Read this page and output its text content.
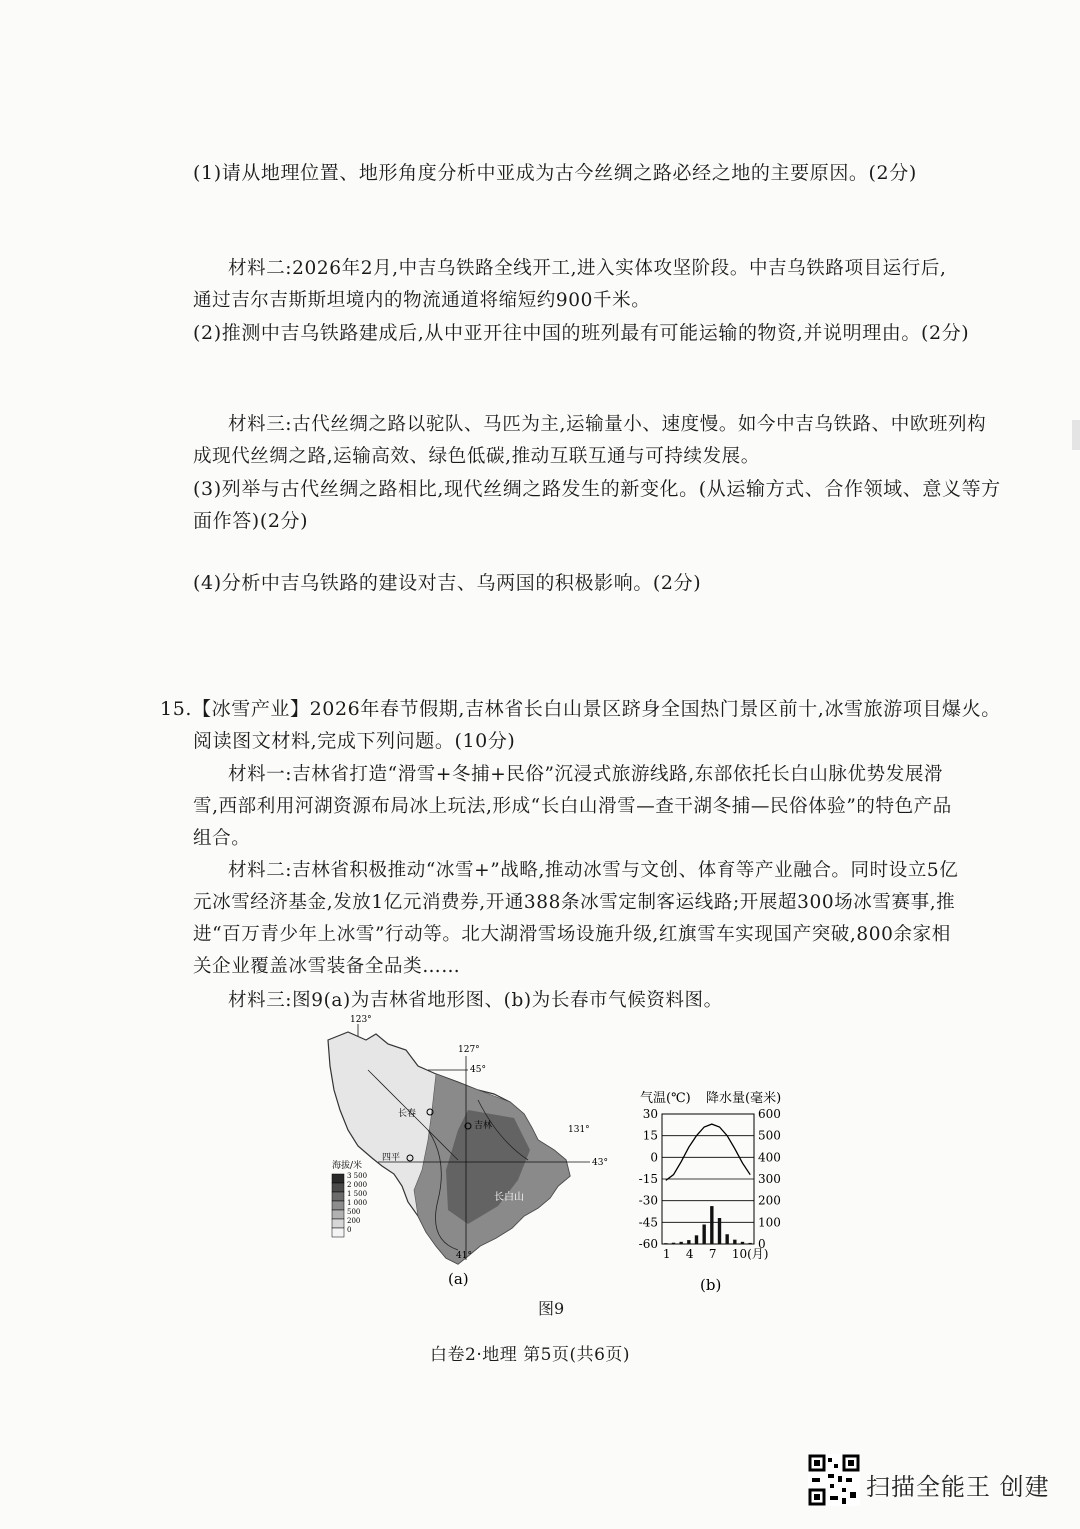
(1)请从地理位置、地形角度分析中亚成为古今丝绸之路必经之地的主要原因。(2分)
材料二:2026年2月,中吉乌铁路全线开工,进入实体攻坚阶段。中吉乌铁路项目运行后,
通过吉尔吉斯斯坦境内的物流通道将缩短约900千米。
(2)推测中吉乌铁路建成后,从中亚开往中国的班列最有可能运输的物资,并说明理由。(2分)
材料三:古代丝绸之路以驼队、马匹为主,运输量小、速度慢。如今中吉乌铁路、中欧班列构
成现代丝绸之路,运输高效、绿色低碳,推动互联互通与可持续发展。
(3)列举与古代丝绸之路相比,现代丝绸之路发生的新变化。(从运输方式、合作领域、意义等方
面作答)(2分)
(4)分析中吉乌铁路的建设对吉、乌两国的积极影响。(2分)
15.【冰雪产业】2026年春节假期,吉林省长白山景区跻身全国热门景区前十,冰雪旅游项目爆火。
阅读图文材料,完成下列问题。(10分)
材料一:吉林省打造“滑雪+冬捕+民俗”沉浸式旅游线路,东部依托长白山脉优势发展滑
雪,西部利用河湖资源布局冰上玩法,形成“长白山滑雪—查干湖冬捕—民俗体验”的特色产品
组合。
材料二:吉林省积极推动“冰雪+”战略,推动冰雪与文创、体育等产业融合。同时设立5亿
元冰雪经济基金,发放1亿元消费券,开通388条冰雪定制客运线路;开展超300场冰雪赛事,推
进“百万青少年上冰雪”行动等。北大湖滑雪场设施升级,红旗雪车实现国产突破,800余家相
关企业覆盖冰雪装备全品类……
材料三:图9(a)为吉林省地形图、(b)为长春市气候资料图。
123°
127°
131°
45°
43°
41°
长春
吉林
四平
长白山
海拔/米
3 500
2 000
1 500
1 000
500
200
0
(a)
气温(℃) 降水量(毫米)
30	600
15	500
0	400
-15	300
-30	200
-45	100
-60	0
1 4 7 10(月)
(b)
图9
白卷2·地理 第5页(共6页)
扫描全能王 创建
